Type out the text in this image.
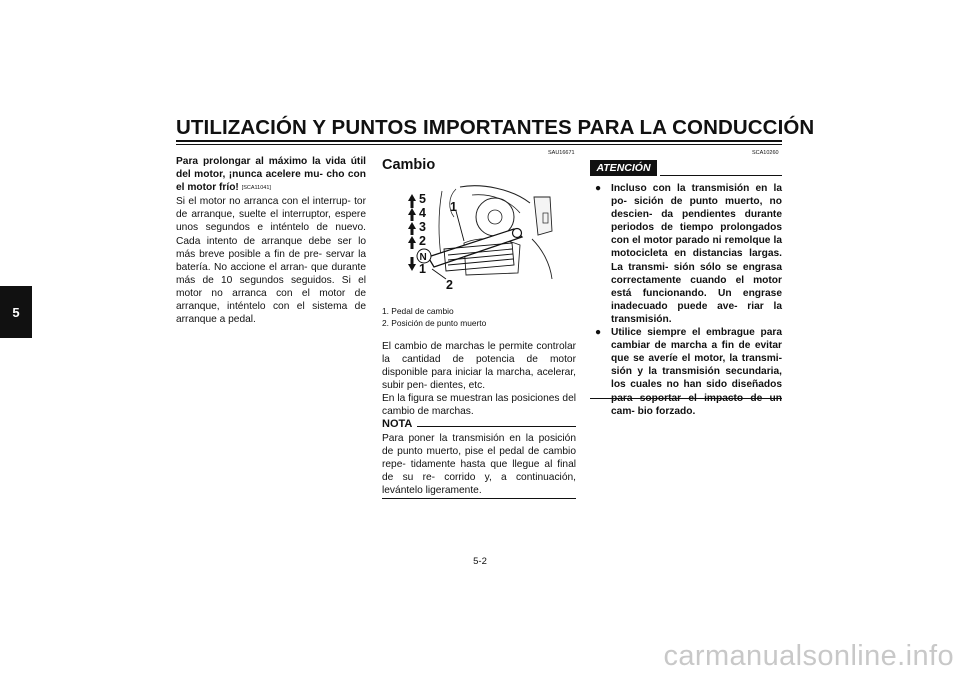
UTILIZACIÓN Y PUNTOS IMPORTANTES PARA LA CONDUCCIÓN
5

Para prolongar al máximo la vida útil del motor, ¡nunca acelere mu- cho con el motor frío! [SCA11041]

Si el motor no arranca con el interrup- tor de arranque, suelte el interruptor, espere unos segundos e inténtelo de nuevo. Cada intento de arranque debe ser lo más breve posible a fin de pre- servar la batería. No accione el arran- que durante más de 10 segundos seguidos. Si el motor no arranca con el motor de arranque, inténtelo con el sistema de arranque a pedal.

SAU16671
Cambio
5
4
3
2
N
1
1
2
1. Pedal de cambio
2. Posición de punto muerto

El cambio de marchas le permite controlar la cantidad de potencia de motor disponible para iniciar la marcha, acelerar, subir pen- dientes, etc.

En la figura se muestran las posiciones del cambio de marchas.

NOTA
Para poner la transmisión en la posición de punto muerto, pise el pedal de cambio repe- tidamente hasta que llegue al final de su re- corrido y, a continuación, levántelo ligeramente.
SCA10260
ATENCIÓN
● Incluso con la transmisión en la po- sición de punto muerto, no descien- da pendientes durante periodos de tiempo prolongados con el motor parado ni remolque la motocicleta en distancias largas. La transmi- sión sólo se engrasa correctamente cuando el motor está funcionando. Un engrase inadecuado puede ave- riar la transmisión.
● Utilice siempre el embrague para cambiar de marcha a fin de evitar que se averíe el motor, la transmi- sión y la transmisión secundaria, los cuales no han sido diseñados para soportar el impacto de un cam- bio forzado.
5-2
carmanualsonline.info
